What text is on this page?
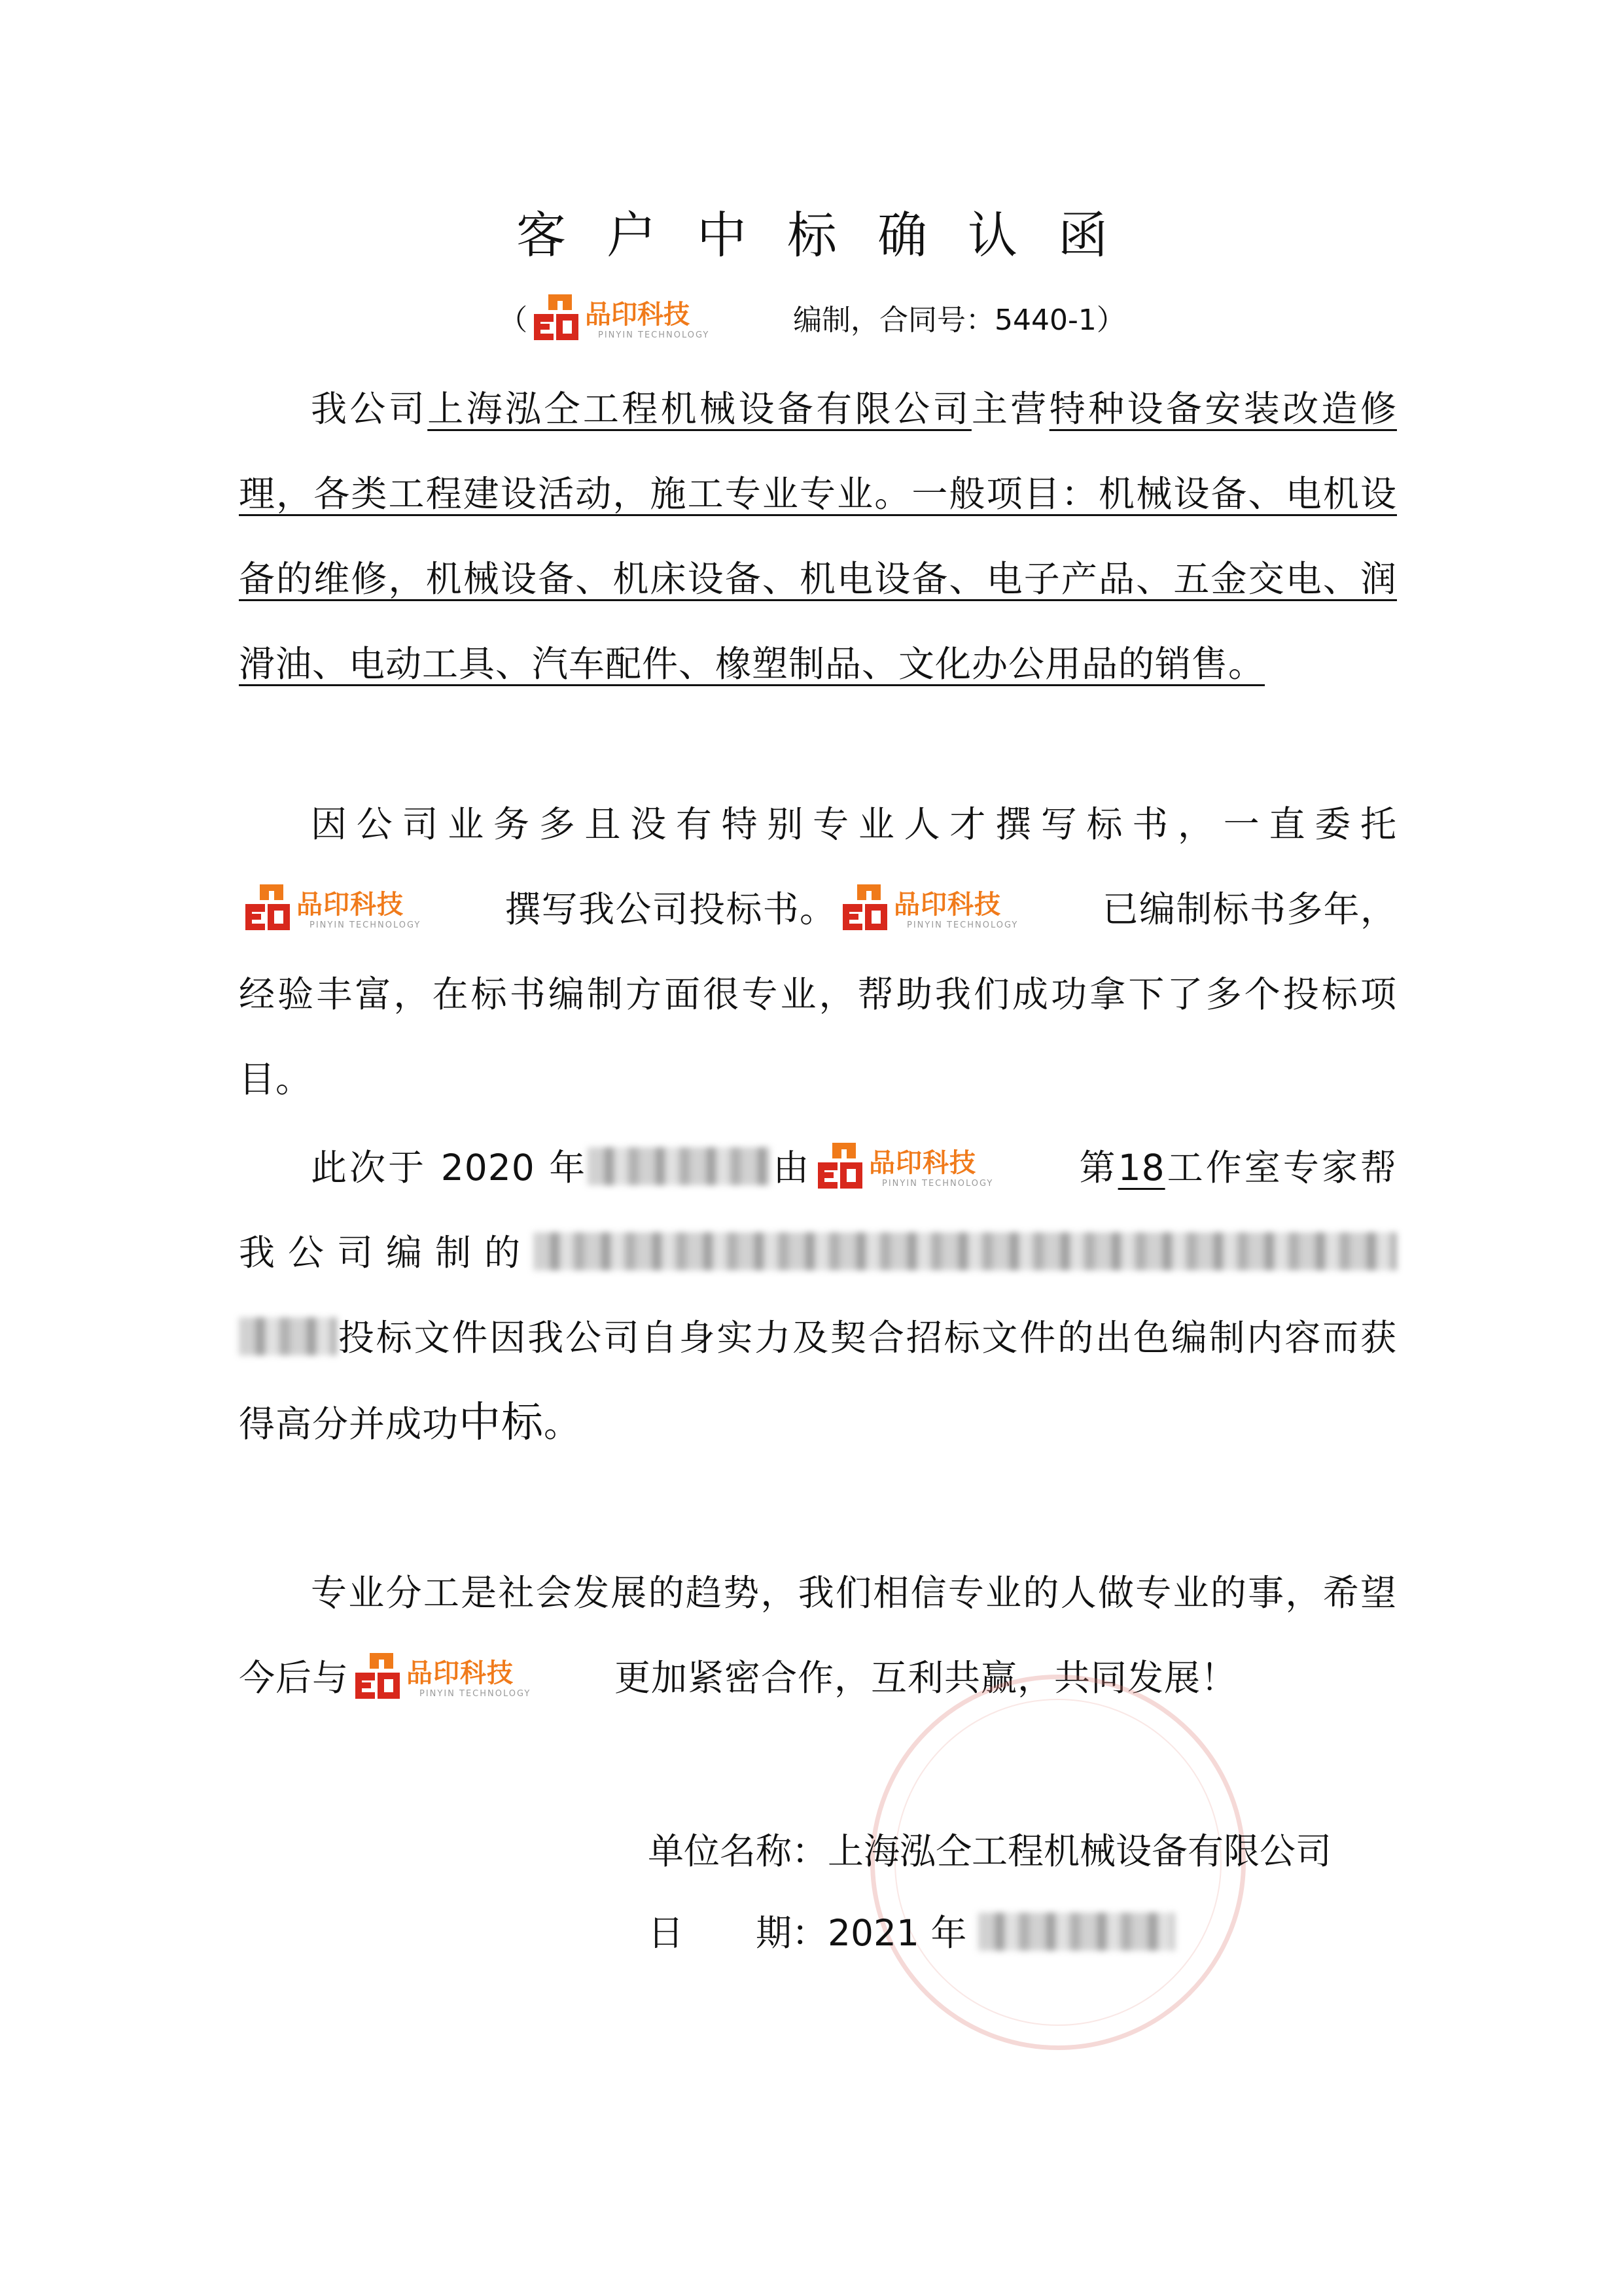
客户中标确认函
（ 品印科技
PINYIN TECHNOLOGY	编制，合同号：5440-1）

我公司上海泓仝工程机械设备有限公司主营特种设备安装改造修理，各类工程建设活动，施工专业专业。一般项目：机械设备、电机设备的维修，机械设备、机床设备、机电设备、电子产品、五金交电、润滑油、电动工具、汽车配件、橡塑制品、文化办公用品的销售。

因公司业务多且没有特别专业人才撰写标书，一直委托
品印科技
PINYIN TECHNOLOGY 撰写我公司投标书。 品印科技
PINYIN TECHNOLOGY 已编制标书多年，经验丰富，在标书编制方面很专业，帮助我们成功拿下了多个投标项目。

此次于 2020 年	由 品印科技
PINYIN TECHNOLOGY 第18工作室专家帮我公司编制的投标文件因我公司自身实力及契合招标文件的出色编制内容而获得高分并成功中标。

专业分工是社会发展的趋势，我们相信专业的人做专业的事，希望今后与 品印科技
PINYIN TECHNOLOGY 更加紧密合作，互利共赢，共同发展！

单位名称：上海泓仝工程机械设备有限公司
日　　期：2021 年
